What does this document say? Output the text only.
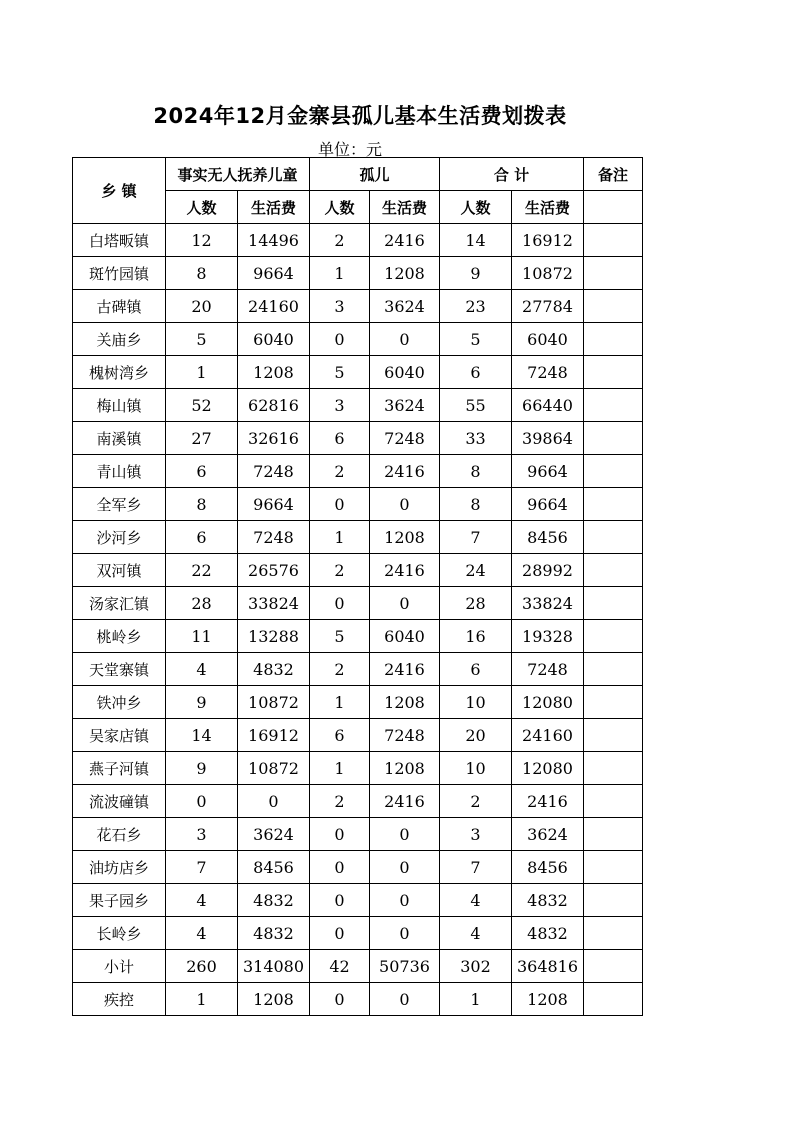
2024年12月金寨县孤儿基本生活费划拨表
单位：元
乡 镇	事实无人抚养儿童		孤儿		合 计		备注
	人数	生活费	人数	生活费	人数	生活费	
白塔畈镇	12	14496	2	2416	14	16912	
斑竹园镇	8	9664	1	1208	9	10872	
古碑镇	20	24160	3	3624	23	27784	
关庙乡	5	6040	0	0	5	6040	
槐树湾乡	1	1208	5	6040	6	7248	
梅山镇	52	62816	3	3624	55	66440	
南溪镇	27	32616	6	7248	33	39864	
青山镇	6	7248	2	2416	8	9664	
全军乡	8	9664	0	0	8	9664	
沙河乡	6	7248	1	1208	7	8456	
双河镇	22	26576	2	2416	24	28992	
汤家汇镇	28	33824	0	0	28	33824	
桃岭乡	11	13288	5	6040	16	19328	
天堂寨镇	4	4832	2	2416	6	7248	
铁冲乡	9	10872	1	1208	10	12080	
吴家店镇	14	16912	6	7248	20	24160	
燕子河镇	9	10872	1	1208	10	12080	
流波䃥镇	0	0	2	2416	2	2416	
花石乡	3	3624	0	0	3	3624	
油坊店乡	7	8456	0	0	7	8456	
果子园乡	4	4832	0	0	4	4832	
长岭乡	4	4832	0	0	4	4832	
小计	260	314080	42	50736	302	364816	
疾控	1	1208	0	0	1	1208	
